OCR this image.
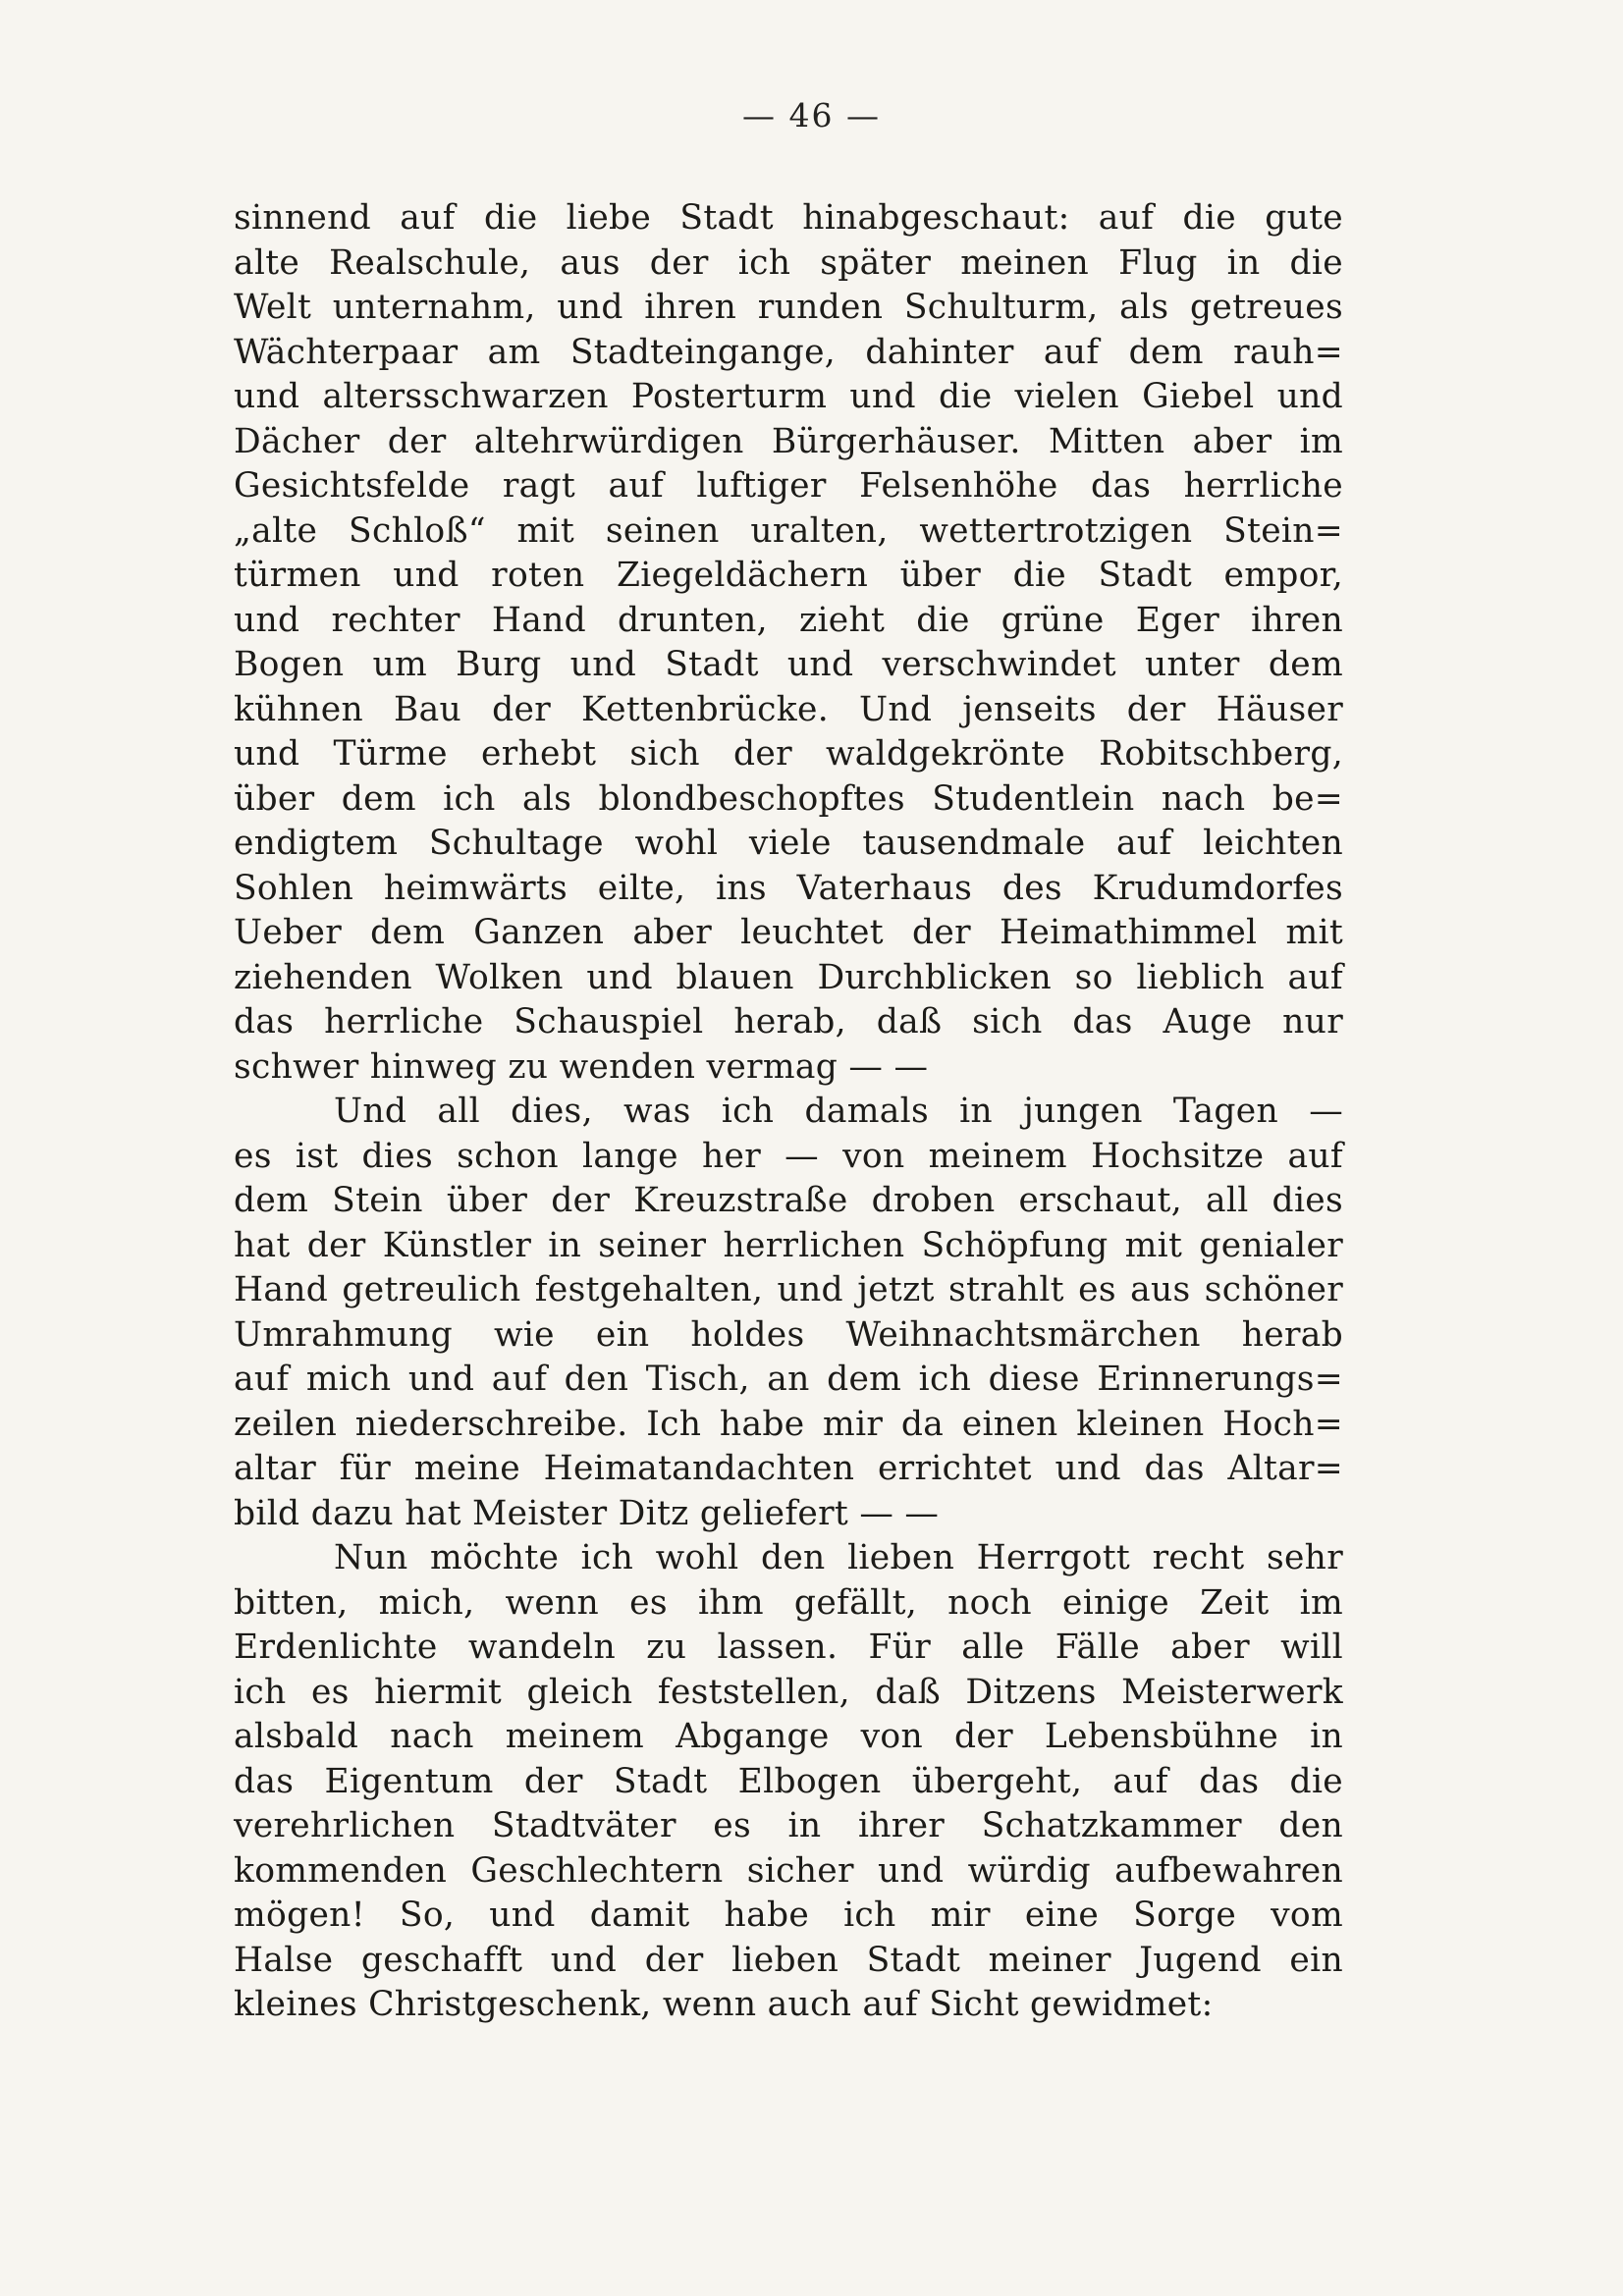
— 46 —
sinnend auf die liebe Stadt hinabgeschaut: auf die gute
alte Realschule, aus der ich später meinen Flug in die
Welt unternahm, und ihren runden Schulturm, als getreues
Wächterpaar am Stadteingange, dahinter auf dem rauh=
und altersschwarzen Posterturm und die vielen Giebel und
Dächer der altehrwürdigen Bürgerhäuser. Mitten aber im
Gesichtsfelde ragt auf luftiger Felsenhöhe das herrliche
„alte Schloß“ mit seinen uralten, wettertrotzigen Stein=
türmen und roten Ziegeldächern über die Stadt empor,
und rechter Hand drunten, zieht die grüne Eger ihren
Bogen um Burg und Stadt und verschwindet unter dem
kühnen Bau der Kettenbrücke. Und jenseits der Häuser
und Türme erhebt sich der waldgekrönte Robitschberg,
über dem ich als blondbeschopftes Studentlein nach be=
endigtem Schultage wohl viele tausendmale auf leichten
Sohlen heimwärts eilte, ins Vaterhaus des Krudumdorfes
Ueber dem Ganzen aber leuchtet der Heimathimmel mit
ziehenden Wolken und blauen Durchblicken so lieblich auf
das herrliche Schauspiel herab, daß sich das Auge nur
schwer hinweg zu wenden vermag — —
Und all dies, was ich damals in jungen Tagen —
es ist dies schon lange her — von meinem Hochsitze auf
dem Stein über der Kreuzstraße droben erschaut, all dies
hat der Künstler in seiner herrlichen Schöpfung mit genialer
Hand getreulich festgehalten, und jetzt strahlt es aus schöner
Umrahmung wie ein holdes Weihnachtsmärchen herab
auf mich und auf den Tisch, an dem ich diese Erinnerungs=
zeilen niederschreibe. Ich habe mir da einen kleinen Hoch=
altar für meine Heimatandachten errichtet und das Altar=
bild dazu hat Meister Ditz geliefert — —
Nun möchte ich wohl den lieben Herrgott recht sehr
bitten, mich, wenn es ihm gefällt, noch einige Zeit im
Erdenlichte wandeln zu lassen. Für alle Fälle aber will
ich es hiermit gleich feststellen, daß Ditzens Meisterwerk
alsbald nach meinem Abgange von der Lebensbühne in
das Eigentum der Stadt Elbogen übergeht, auf das die
verehrlichen Stadtväter es in ihrer Schatzkammer den
kommenden Geschlechtern sicher und würdig aufbewahren
mögen! So, und damit habe ich mir eine Sorge vom
Halse geschafft und der lieben Stadt meiner Jugend ein
kleines Christgeschenk, wenn auch auf Sicht gewidmet:
